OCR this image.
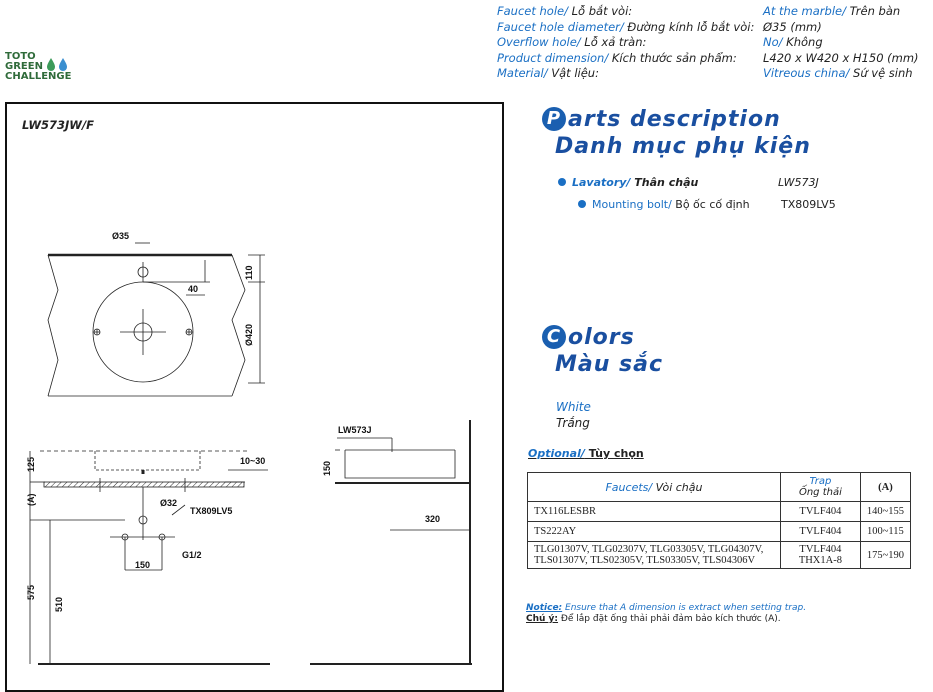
Faucet hole/ Lỗ bắt vòi:	At the marble/ Trên bàn
Faucet hole diameter/ Đường kính lỗ bắt vòi: Ø35 (mm)
Overflow hole/ Lỗ xả tràn:	No/ Không
Product dimension/ Kích thước sản phẩm: L420 x W420 x H150 (mm)
Material/ Vật liệu:	Vitreous china/ Sứ vệ sinh
TOTO
GREEN
CHALLENGE
LW573JW/F
Ø35
40
110
Ø420
125
(A)
575
510
10~30
Ø32
TX809LV5
G1/2
150
LW573J
150
320
P arts description
Danh mục phụ kiện
Lavatory/ Thân chậu	LW573J
Mounting bolt/ Bộ ốc cố định	TX809LV5
C olors
Màu sắc
White
Trắng
Optional/ Tùy chọn
Faucets/ Vòi chậu	Trap
Ống thải	(A)
TX116LESBR	TVLF404	140~155
TS222AY	TVLF404	100~115
TLG01307V, TLG02307V, TLG03305V, TLG04307V, TLS01307V, TLS02305V, TLS03305V, TLS04306V	TVLF404 THX1A-8	175~190
Notice: Ensure that A dimension is extract when setting trap.
Chú ý: Để lắp đặt ống thải phải đảm bảo kích thước (A).
